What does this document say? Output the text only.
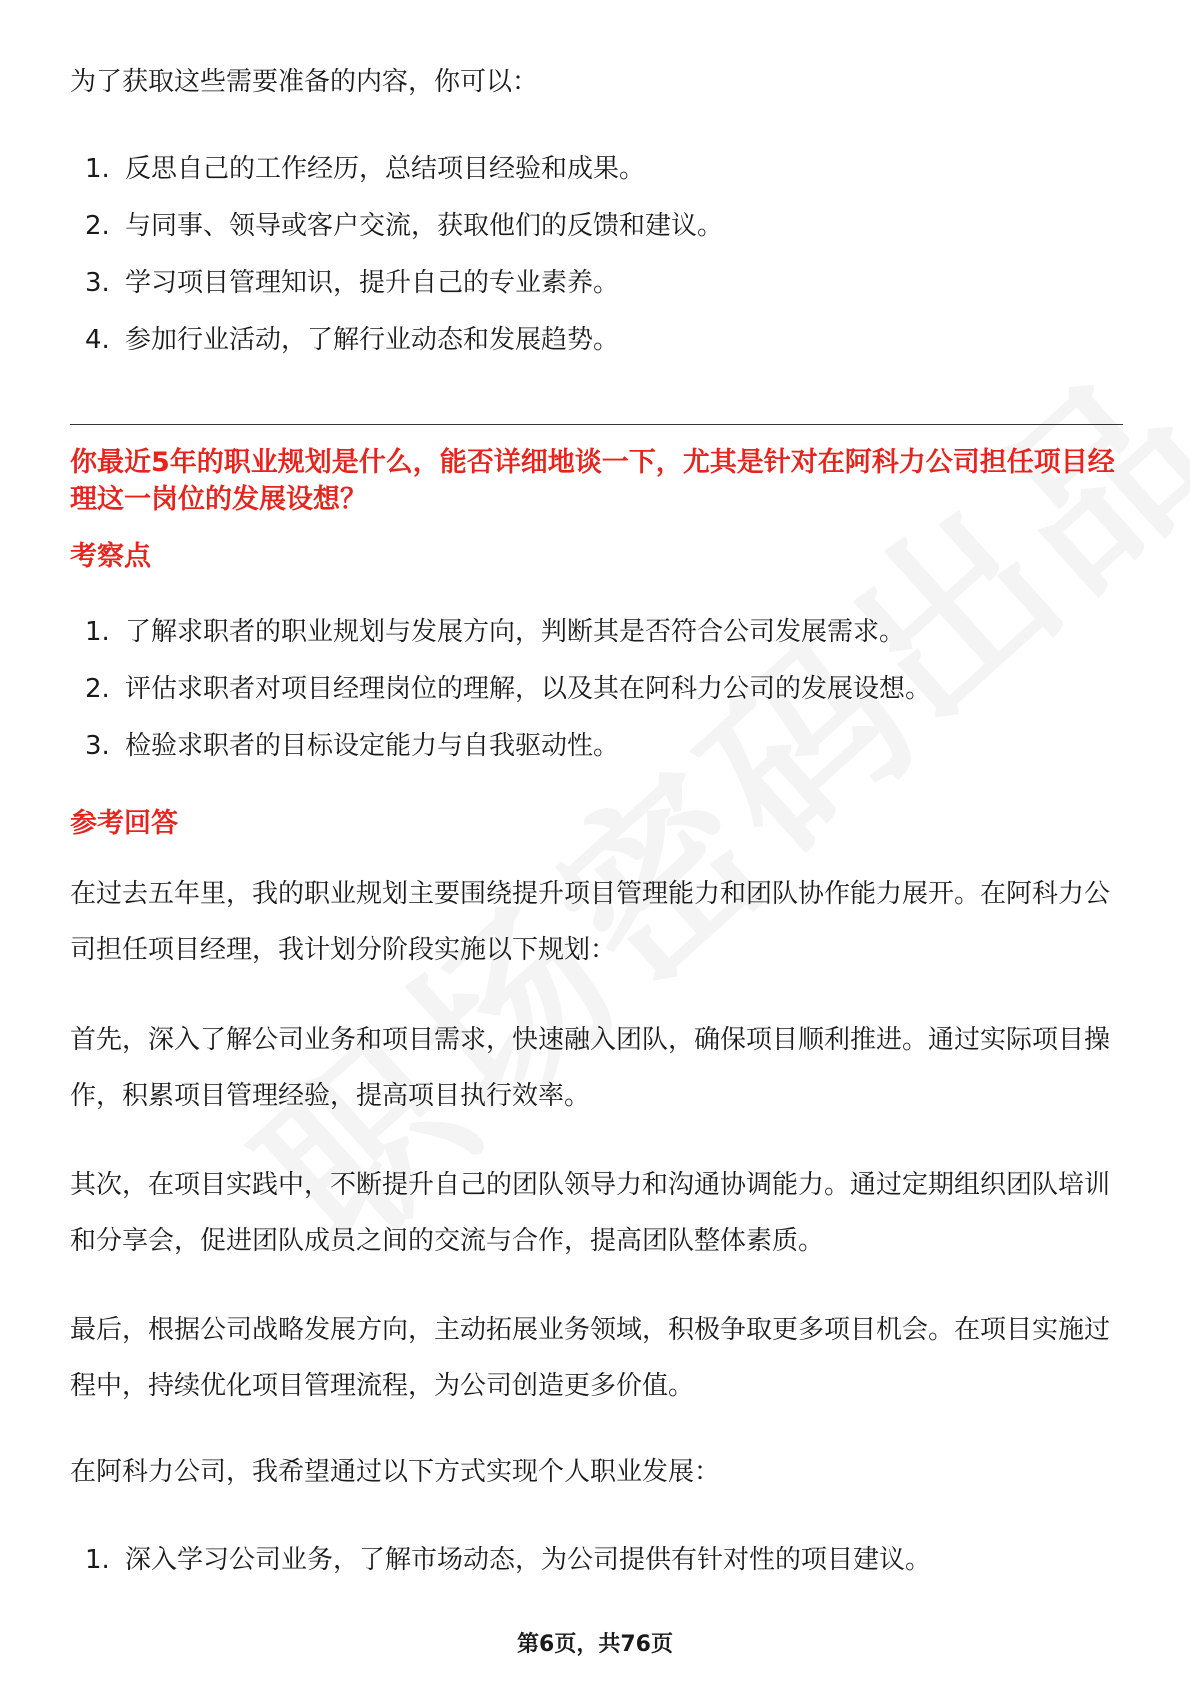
为了获取这些需要准备的内容，你可以：
1. 反思自己的工作经历，总结项目经验和成果。
2. 与同事、领导或客户交流，获取他们的反馈和建议。
3. 学习项目管理知识，提升自己的专业素养。
4. 参加行业活动，了解行业动态和发展趋势。
你最近5年的职业规划是什么，能否详细地谈一下，尤其是针对在阿科力公司担任项目经理这一岗位的发展设想？
考察点
1. 了解求职者的职业规划与发展方向，判断其是否符合公司发展需求。
2. 评估求职者对项目经理岗位的理解，以及其在阿科力公司的发展设想。
3. 检验求职者的目标设定能力与自我驱动性。
参考回答
在过去五年里，我的职业规划主要围绕提升项目管理能力和团队协作能力展开。在阿科力公司担任项目经理，我计划分阶段实施以下规划：
首先，深入了解公司业务和项目需求，快速融入团队，确保项目顺利推进。通过实际项目操作，积累项目管理经验，提高项目执行效率。
其次，在项目实践中，不断提升自己的团队领导力和沟通协调能力。通过定期组织团队培训和分享会，促进团队成员之间的交流与合作，提高团队整体素质。
最后，根据公司战略发展方向，主动拓展业务领域，积极争取更多项目机会。在项目实施过程中，持续优化项目管理流程，为公司创造更多价值。
在阿科力公司，我希望通过以下方式实现个人职业发展：
1. 深入学习公司业务，了解市场动态，为公司提供有针对性的项目建议。
第6页，共76页
